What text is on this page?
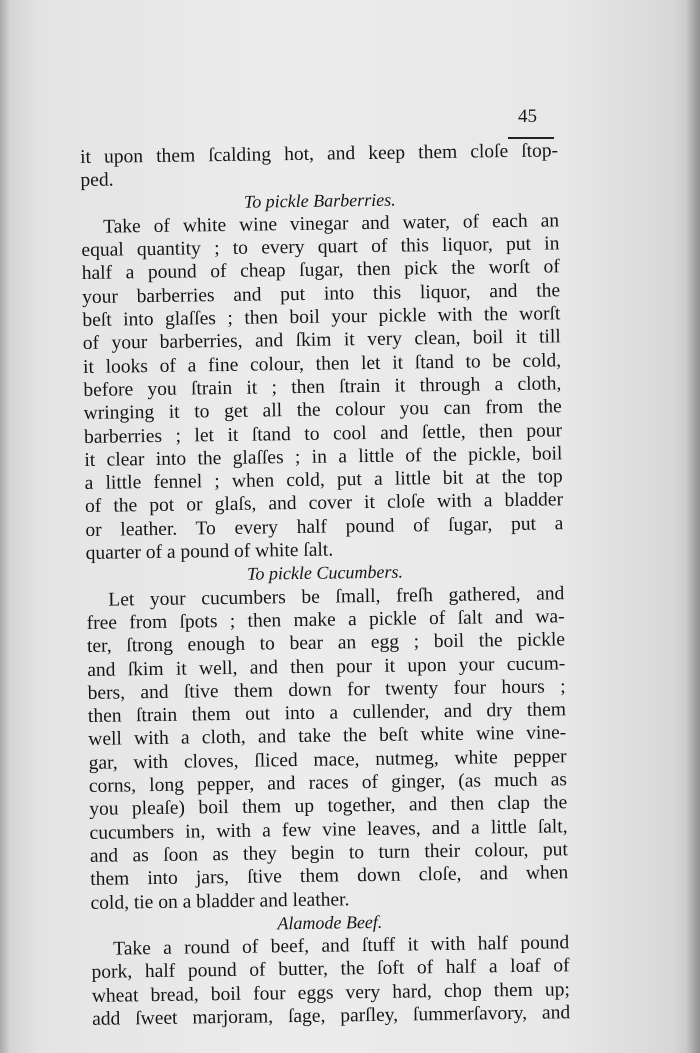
45
it upon them ſcalding hot, and keep them cloſe ſtop-
ped.
To pickle Barberries.
Take of white wine vinegar and water, of each an
equal quantity ; to every quart of this liquor, put in
half a pound of cheap ſugar, then pick the worſt of
your barberries and put into this liquor, and the
beſt into glaſſes ; then boil your pickle with the worſt
of your barberries, and ſkim it very clean, boil it till
it looks of a fine colour, then let it ſtand to be cold,
before you ſtrain it ; then ſtrain it through a cloth,
wringing it to get all the colour you can from the
barberries ; let it ſtand to cool and ſettle, then pour
it clear into the glaſſes ; in a little of the pickle, boil
a little fennel ; when cold, put a little bit at the top
of the pot or glaſs, and cover it cloſe with a bladder
or leather. To every half pound of ſugar, put a
quarter of a pound of white ſalt.
To pickle Cucumbers.
Let your cucumbers be ſmall, freſh gathered, and
free from ſpots ; then make a pickle of ſalt and wa-
ter, ſtrong enough to bear an egg ; boil the pickle
and ſkim it well, and then pour it upon your cucum-
bers, and ſtive them down for twenty four hours ;
then ſtrain them out into a cullender, and dry them
well with a cloth, and take the beſt white wine vine-
gar, with cloves, ſliced mace, nutmeg, white pepper
corns, long pepper, and races of ginger, (as much as
you pleaſe) boil them up together, and then clap the
cucumbers in, with a few vine leaves, and a little ſalt,
and as ſoon as they begin to turn their colour, put
them into jars, ſtive them down cloſe, and when
cold, tie on a bladder and leather.
Alamode Beef.
Take a round of beef, and ſtuff it with half pound
pork, half pound of butter, the ſoft of half a loaf of
wheat bread, boil four eggs very hard, chop them up;
add ſweet marjoram, ſage, parſley, ſummerſavory, and
